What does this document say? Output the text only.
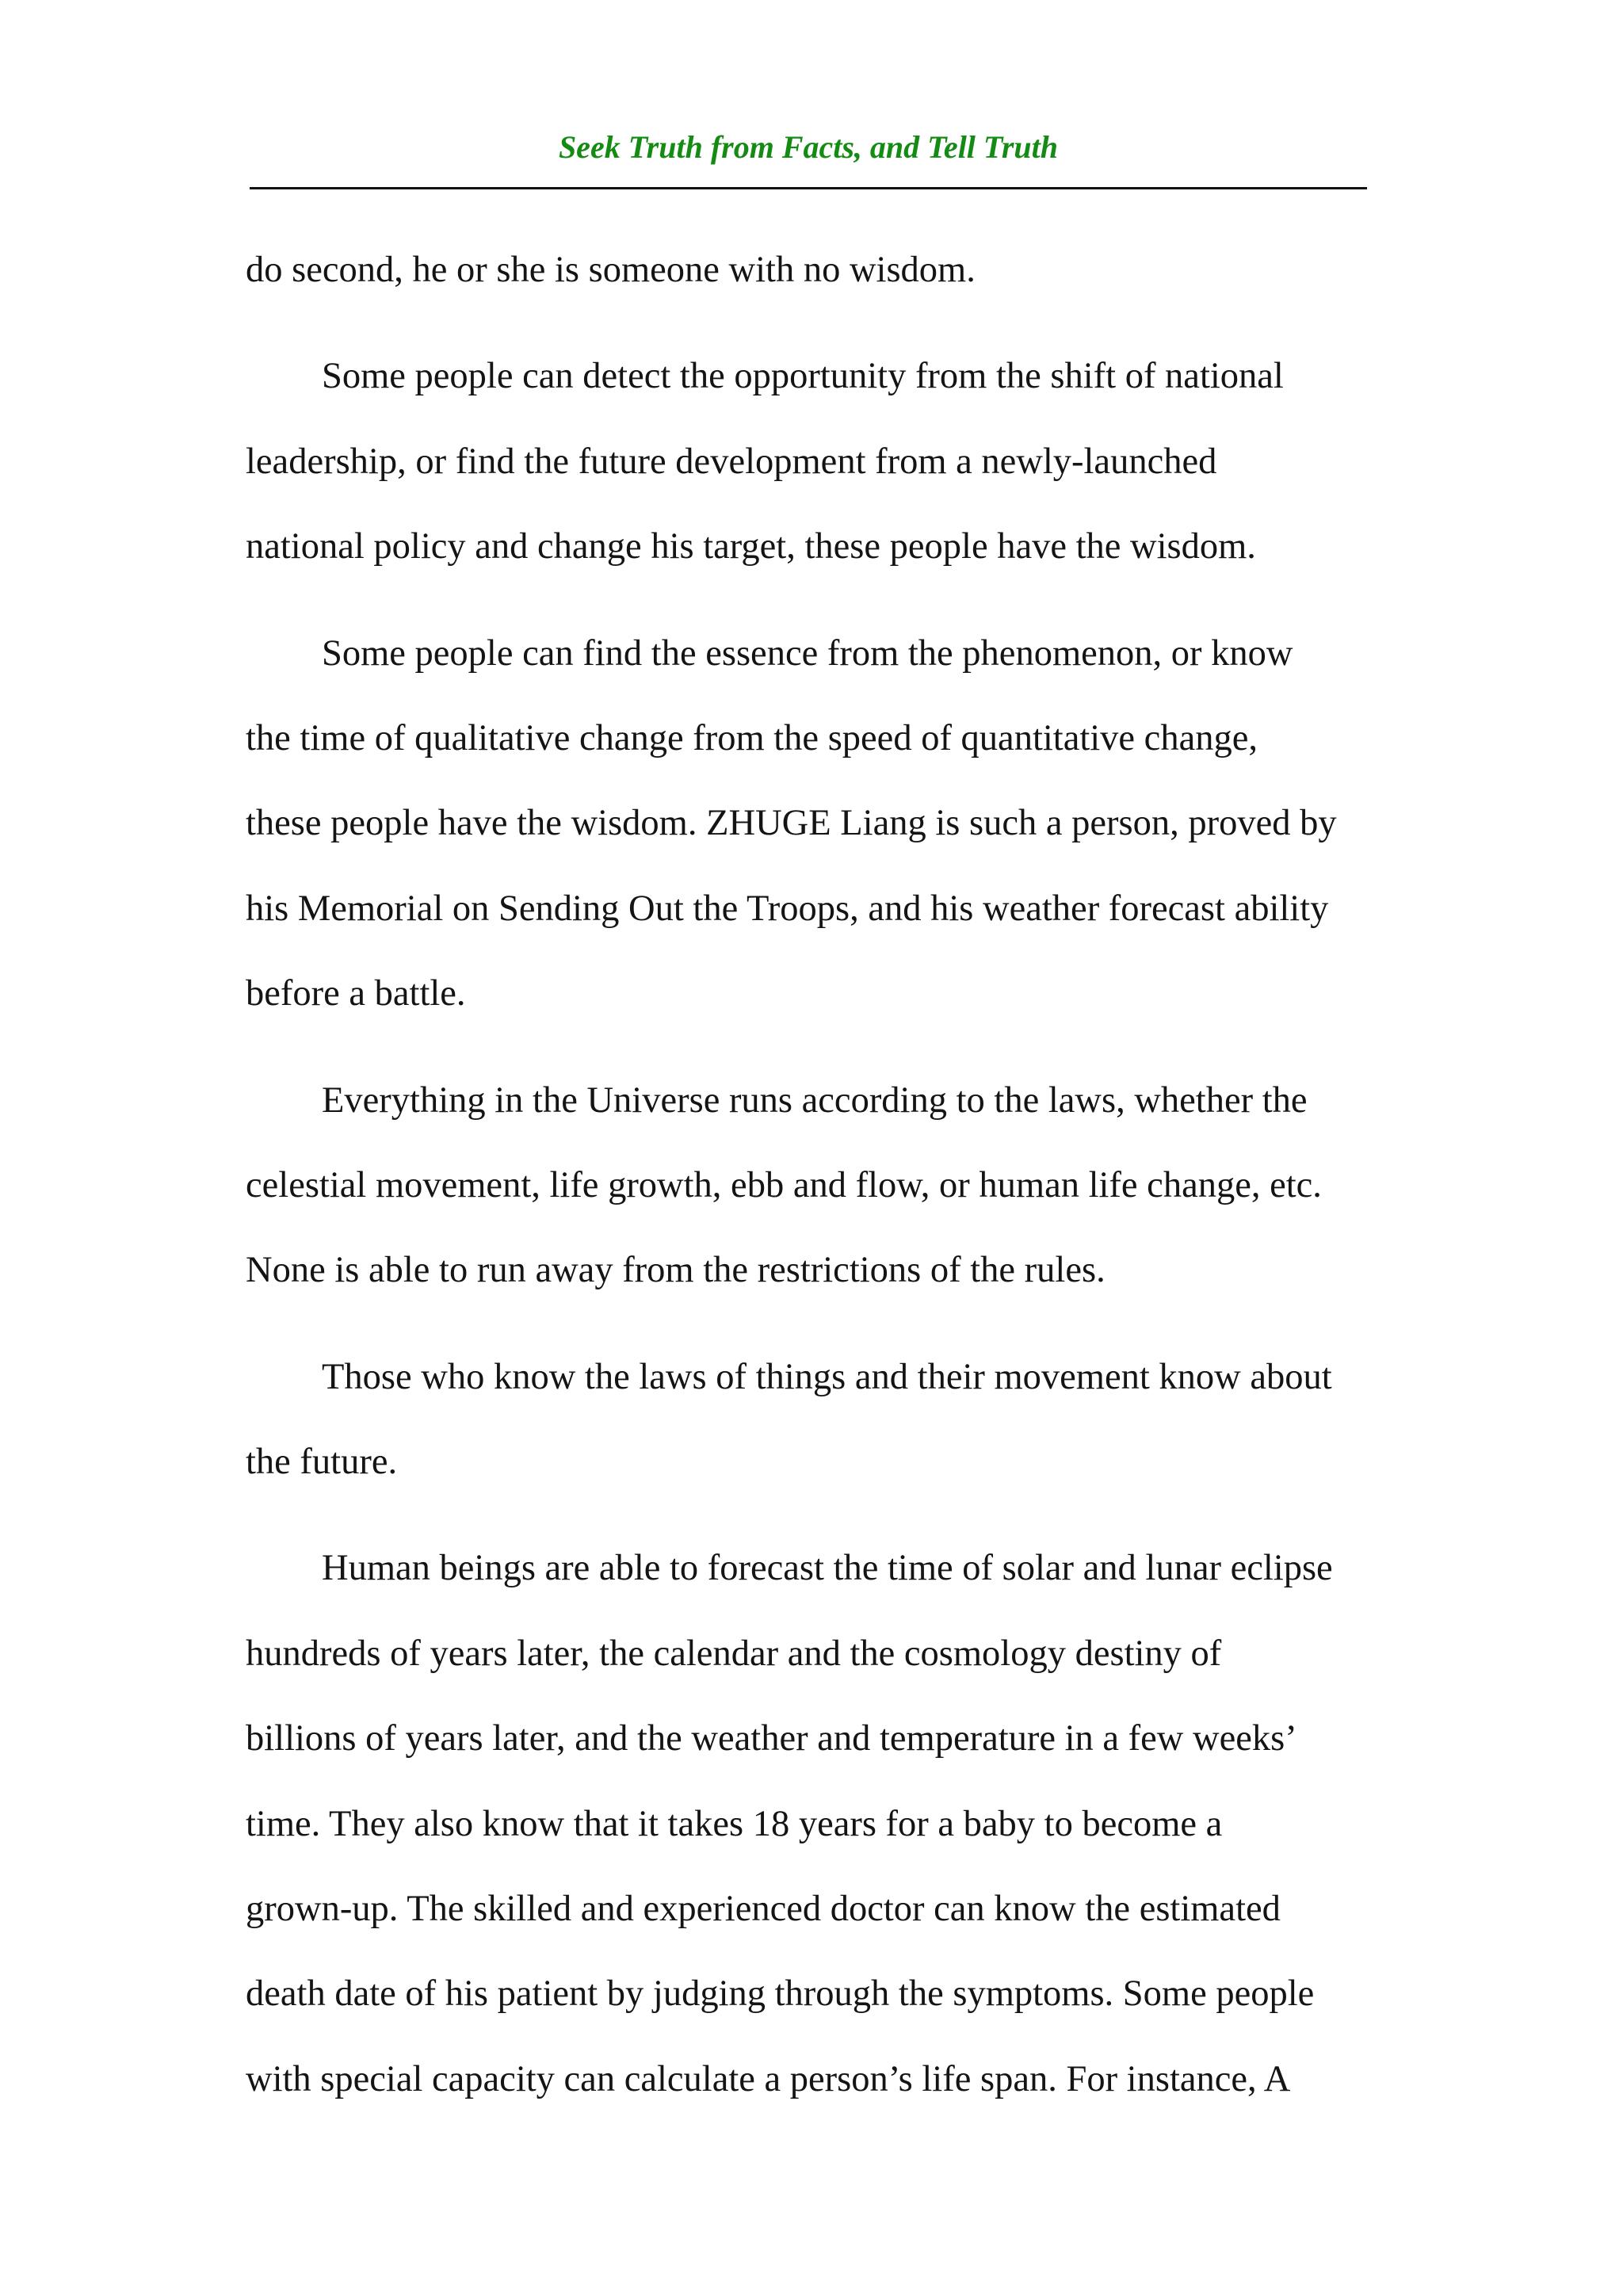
Seek Truth from Facts, and Tell Truth

do second, he or she is someone with no wisdom.

Some people can detect the opportunity from the shift of national
leadership, or find the future development from a newly-launched
national policy and change his target, these people have the wisdom.

Some people can find the essence from the phenomenon, or know
the time of qualitative change from the speed of quantitative change,
these people have the wisdom. ZHUGE Liang is such a person, proved by
his Memorial on Sending Out the Troops, and his weather forecast ability
before a battle.

Everything in the Universe runs according to the laws, whether the
celestial movement, life growth, ebb and flow, or human life change, etc.
None is able to run away from the restrictions of the rules.

Those who know the laws of things and their movement know about
the future.

Human beings are able to forecast the time of solar and lunar eclipse
hundreds of years later, the calendar and the cosmology destiny of
billions of years later, and the weather and temperature in a few weeks’
time. They also know that it takes 18 years for a baby to become a
grown-up. The skilled and experienced doctor can know the estimated
death date of his patient by judging through the symptoms. Some people
with special capacity can calculate a person’s life span. For instance, A
